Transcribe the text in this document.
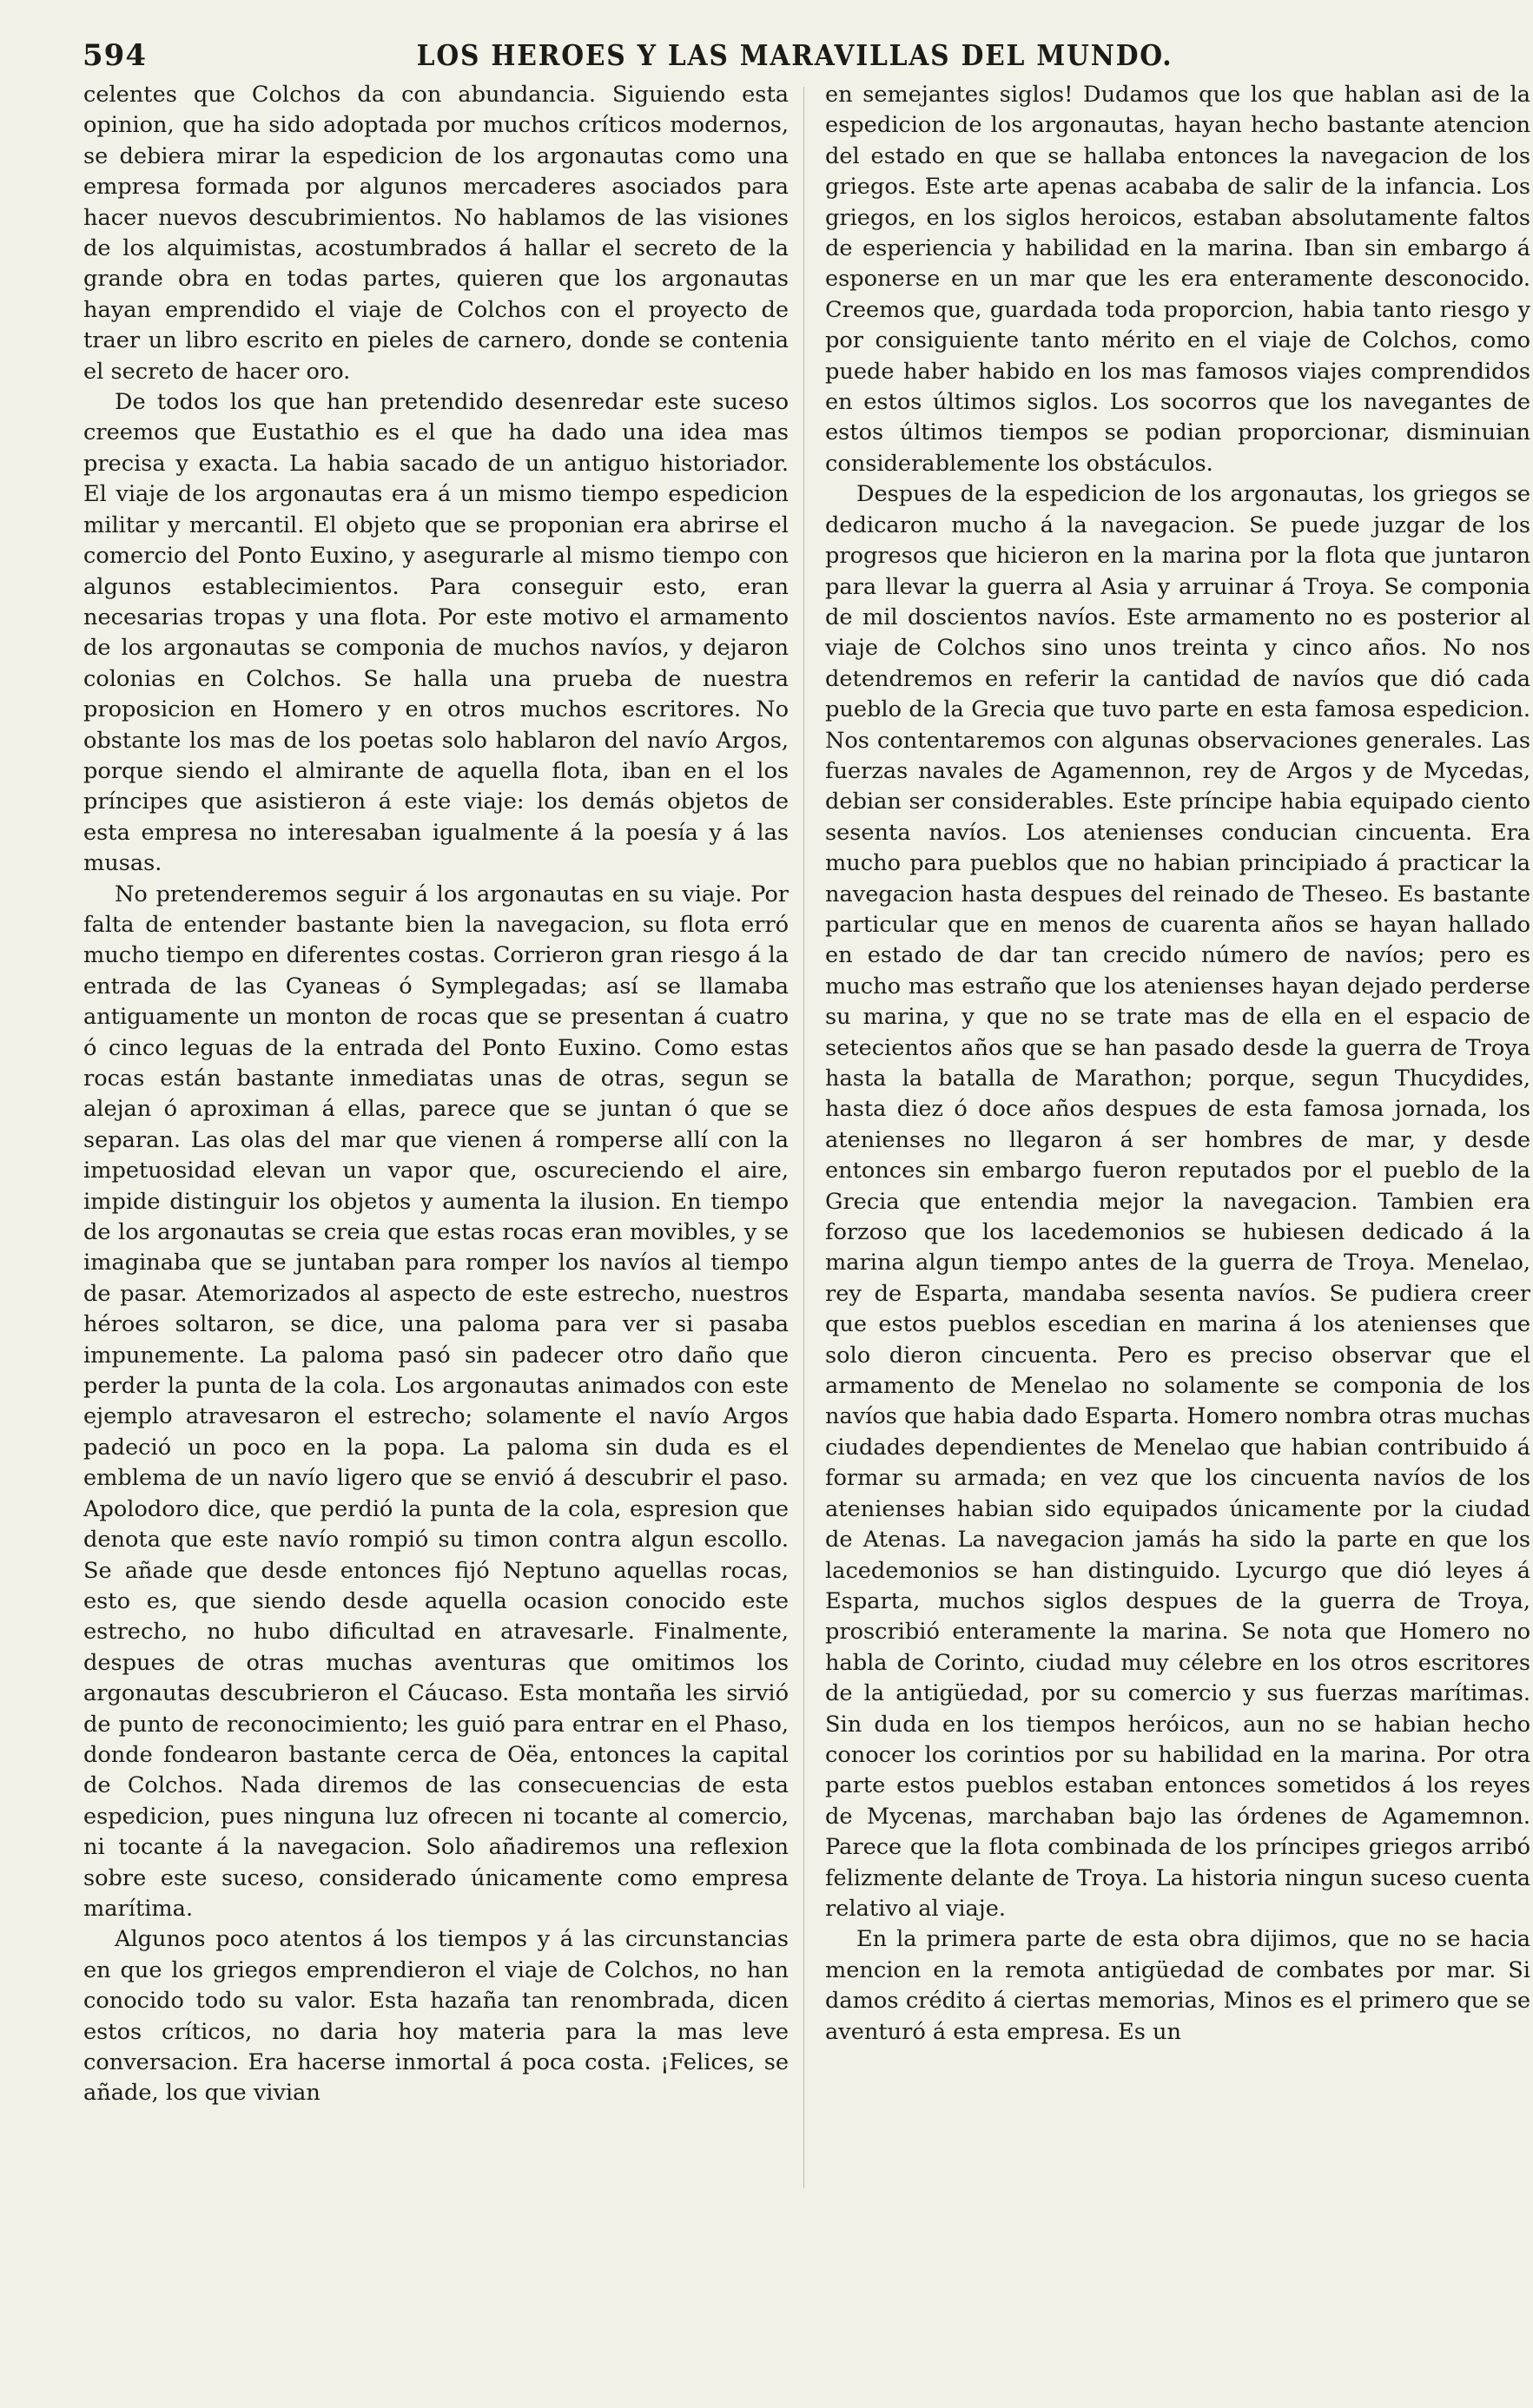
594	LOS HEROES Y LAS MARAVILLAS DEL MUNDO.

celentes que Colchos da con abundancia. Siguiendo esta opinion, que ha sido adoptada por muchos críticos modernos, se debiera mirar la espedicion de los argonautas como una empresa formada por algunos mercaderes asociados para hacer nuevos descubrimientos. No hablamos de las visiones de los alquimistas, acostumbrados á hallar el secreto de la grande obra en todas partes, quieren que los argonautas hayan emprendido el viaje de Colchos con el proyecto de traer un libro escrito en pieles de carnero, donde se contenia el secreto de hacer oro.

De todos los que han pretendido desenredar este suceso creemos que Eustathio es el que ha dado una idea mas precisa y exacta. La habia sacado de un antiguo historiador. El viaje de los argonautas era á un mismo tiempo espedicion militar y mercantil. El objeto que se proponian era abrirse el comercio del Ponto Euxino, y asegurarle al mismo tiempo con algunos establecimientos. Para conseguir esto, eran necesarias tropas y una flota. Por este motivo el armamento de los argonautas se componia de muchos navíos, y dejaron colonias en Colchos. Se halla una prueba de nuestra proposicion en Homero y en otros muchos escritores. No obstante los mas de los poetas solo hablaron del navío Argos, porque siendo el almirante de aquella flota, iban en el los príncipes que asistieron á este viaje: los demás objetos de esta empresa no interesaban igualmente á la poesía y á las musas.

No pretenderemos seguir á los argonautas en su viaje. Por falta de entender bastante bien la navegacion, su flota erró mucho tiempo en diferentes costas. Corrieron gran riesgo á la entrada de las Cyaneas ó Symplegadas; así se llamaba antiguamente un monton de rocas que se presentan á cuatro ó cinco leguas de la entrada del Ponto Euxino. Como estas rocas están bastante inmediatas unas de otras, segun se alejan ó aproximan á ellas, parece que se juntan ó que se separan. Las olas del mar que vienen á romperse allí con la impetuosidad elevan un vapor que, oscureciendo el aire, impide distinguir los objetos y aumenta la ilusion. En tiempo de los argonautas se creia que estas rocas eran movibles, y se imaginaba que se juntaban para romper los navíos al tiempo de pasar. Atemorizados al aspecto de este estrecho, nuestros héroes soltaron, se dice, una paloma para ver si pasaba impunemente. La paloma pasó sin padecer otro daño que perder la punta de la cola. Los argonautas animados con este ejemplo atravesaron el estrecho; solamente el navío Argos padeció un poco en la popa. La paloma sin duda es el emblema de un navío ligero que se envió á descubrir el paso. Apolodoro dice, que perdió la punta de la cola, espresion que denota que este navío rompió su timon contra algun escollo. Se añade que desde entonces fijó Neptuno aquellas rocas, esto es, que siendo desde aquella ocasion conocido este estrecho, no hubo dificultad en atravesarle. Finalmente, despues de otras muchas aventuras que omitimos los argonautas descubrieron el Cáucaso. Esta montaña les sirvió de punto de reconocimiento; les guió para entrar en el Phaso, donde fondearon bastante cerca de Oëa, entonces la capital de Colchos. Nada diremos de las consecuencias de esta espedicion, pues ninguna luz ofrecen ni tocante al comercio, ni tocante á la navegacion. Solo añadiremos una reflexion sobre este suceso, considerado únicamente como empresa marítima.

Algunos poco atentos á los tiempos y á las circunstancias en que los griegos emprendieron el viaje de Colchos, no han conocido todo su valor. Esta hazaña tan renombrada, dicen estos críticos, no daria hoy materia para la mas leve conversacion. Era hacerse inmortal á poca costa. ¡Felices, se añade, los que vivian

en semejantes siglos! Dudamos que los que hablan asi de la espedicion de los argonautas, hayan hecho bastante atencion del estado en que se hallaba entonces la navegacion de los griegos. Este arte apenas acababa de salir de la infancia. Los griegos, en los siglos heroicos, estaban absolutamente faltos de esperiencia y habilidad en la marina. Iban sin embargo á esponerse en un mar que les era enteramente desconocido. Creemos que, guardada toda proporcion, habia tanto riesgo y por consiguiente tanto mérito en el viaje de Colchos, como puede haber habido en los mas famosos viajes comprendidos en estos últimos siglos. Los socorros que los navegantes de estos últimos tiempos se podian proporcionar, disminuian considerablemente los obstáculos.

Despues de la espedicion de los argonautas, los griegos se dedicaron mucho á la navegacion. Se puede juzgar de los progresos que hicieron en la marina por la flota que juntaron para llevar la guerra al Asia y arruinar á Troya. Se componia de mil doscientos navíos. Este armamento no es posterior al viaje de Colchos sino unos treinta y cinco años. No nos detendremos en referir la cantidad de navíos que dió cada pueblo de la Grecia que tuvo parte en esta famosa espedicion. Nos contentaremos con algunas observaciones generales. Las fuerzas navales de Agamennon, rey de Argos y de Mycedas, debian ser considerables. Este príncipe habia equipado ciento sesenta navíos. Los atenienses conducian cincuenta. Era mucho para pueblos que no habian principiado á practicar la navegacion hasta despues del reinado de Theseo. Es bastante particular que en menos de cuarenta años se hayan hallado en estado de dar tan crecido número de navíos; pero es mucho mas estraño que los atenienses hayan dejado perderse su marina, y que no se trate mas de ella en el espacio de setecientos años que se han pasado desde la guerra de Troya hasta la batalla de Marathon; porque, segun Thucydides, hasta diez ó doce años despues de esta famosa jornada, los atenienses no llegaron á ser hombres de mar, y desde entonces sin embargo fueron reputados por el pueblo de la Grecia que entendia mejor la navegacion. Tambien era forzoso que los lacedemonios se hubiesen dedicado á la marina algun tiempo antes de la guerra de Troya. Menelao, rey de Esparta, mandaba sesenta navíos. Se pudiera creer que estos pueblos escedian en marina á los atenienses que solo dieron cincuenta. Pero es preciso observar que el armamento de Menelao no solamente se componia de los navíos que habia dado Esparta. Homero nombra otras muchas ciudades dependientes de Menelao que habian contribuido á formar su armada; en vez que los cincuenta navíos de los atenienses habian sido equipados únicamente por la ciudad de Atenas. La navegacion jamás ha sido la parte en que los lacedemonios se han distinguido. Lycurgo que dió leyes á Esparta, muchos siglos despues de la guerra de Troya, proscribió enteramente la marina. Se nota que Homero no habla de Corinto, ciudad muy célebre en los otros escritores de la antigüedad, por su comercio y sus fuerzas marítimas. Sin duda en los tiempos heróicos, aun no se habian hecho conocer los corintios por su habilidad en la marina. Por otra parte estos pueblos estaban entonces sometidos á los reyes de Mycenas, marchaban bajo las órdenes de Agamemnon. Parece que la flota combinada de los príncipes griegos arribó felizmente delante de Troya. La historia ningun suceso cuenta relativo al viaje.

En la primera parte de esta obra dijimos, que no se hacia mencion en la remota antigüedad de combates por mar. Si damos crédito á ciertas memorias, Minos es el primero que se aventuró á esta empresa. Es un
